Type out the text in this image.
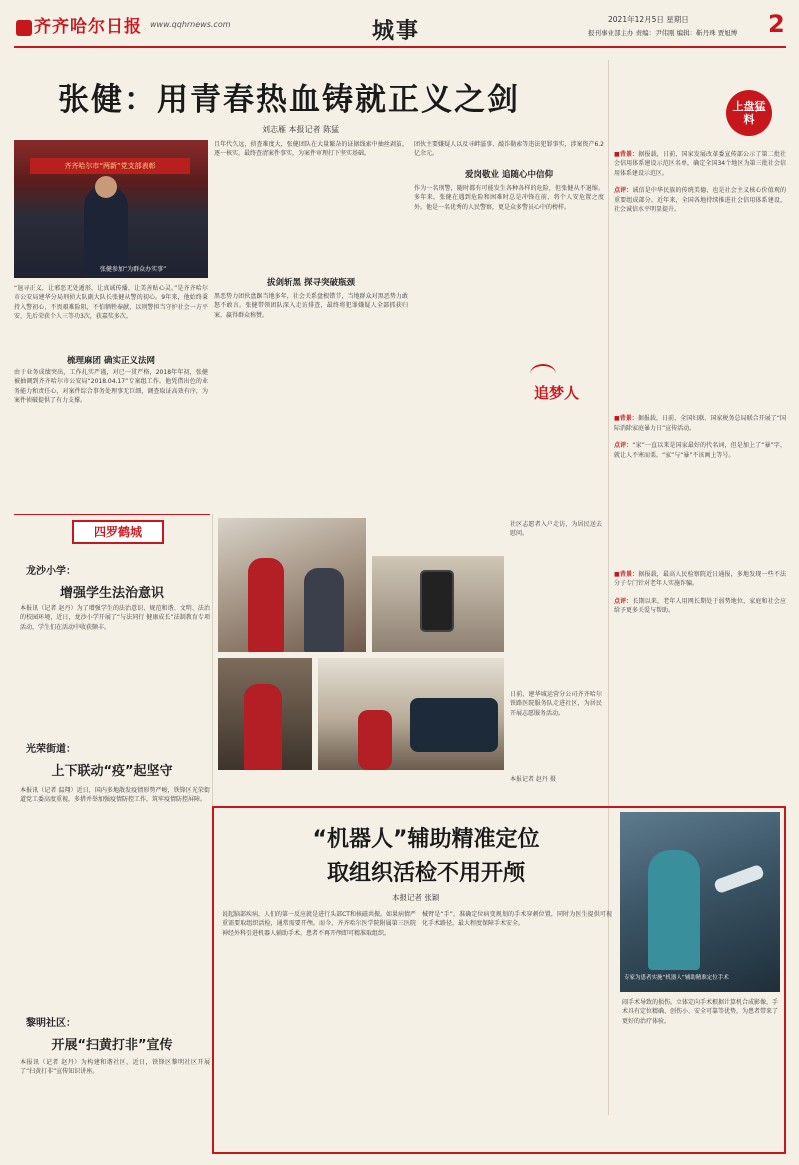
齐齐哈尔日报 www.qqhrnews.com	城事	2021年12月5日 星期日
报刊事业部主办 责编：尹伟刚 编辑：靳丹珠 贾旭博 2
张健：用青春热血铸就正义之剑
刘志雁 本报记者 陈猛
齐齐哈尔市“两新”党支部表彰
张健参加“为群众办实事”
“退寻正义，让邪恶无处遁形，让真诚传播，让美善贴心灵。”是齐齐哈尔市公安局建华分局刑侦大队副大队长张健从警的初心。9年来，他始终秉持入警初心，不畏艰难险阻，不怕牺牲奉献，以刑警担当守护社会一方平安，先后荣获个人三等功3次，获嘉奖多次。
梳理麻团 确实正义法网
由于业务成绩突出，工作扎实严谨，对已一贯严格，2018年年初，张健被抽调到齐齐哈尔市公安局“2018.04.17”专案组工作。他凭借出色的业务能力和责任心，对案件综合事务处理事无巨细，调查取证高效有序，为案件侦破提供了有力支撑。
且年代久远，侦查难度大，张健团队在大量繁杂的证据线索中抽丝剥茧，逐一核实，最终查清案件事实，为案件审理打下坚实基础。
拔剑斩黑 探寻突破瓶颈
黑恶势力团伙盘踞当地多年，社会关系盘根错节，当地群众对黑恶势力敢怒不敢言。张健带领团队深入走访排查，最终将犯罪嫌疑人全部抓获归案，赢得群众称赞。
团伙主要嫌疑人以及寻衅滋事、敲诈勒索等违法犯罪事实，涉案资产6.2亿余元。
爱岗敬业 追随心中信仰
作为一名刑警，随时都有可能发生各种各样的危险，但张健从不退缩。多年来，张健在遇到危险和困难时总是冲锋在前，将个人安危置之度外。他是一名优秀的人民警察，更是众多警员心中的榜样。
追梦人
上盘猛料
■背景：据报载，日前，国家发展改革委宣传部公示了第二批社会信用体系建设示范区名单，确定全国34个地区为第三批社会信用体系建设示范区。
点评：诚信是中华民族的传统美德，也是社会主义核心价值观的重要组成部分。近年来，全国各地持续推进社会信用体系建设，社会诚信水平明显提升。
■背景：据报载，日前，全国妇联、国家税务总局联合开展了“国际消除家庭暴力日”宣传活动。
点评：“家”一直以来是国家最好的代名词，但是加上了“暴”字，就让人不寒而栗。“家”与“暴”不该画上等号。
■背景：据报载，最高人民检察院近日通报，多地发现一些不法分子专门针对老年人实施诈骗。
点评：长期以来，老年人用网长期处于弱势地位，家庭和社会应给予更多关爱与帮助。
四罗鹤城
龙沙小学：
增强学生法治意识
本报讯（记者 赵丹）为了增强学生的法治意识、规范和谐、文明、法治的校园环境，近日，龙沙小学开展了“与法同行 健康成长”法制教育专项活动，学生们在活动中收获颇丰。
光荣街道：
上下联动“疫”起坚守
本报讯（记者 温翔）近日，国内多地散发疫情形势严峻，铁锋区光荣街道党工委高度重视，多措并举加强疫情防控工作，筑牢疫情防控屏障。
黎明社区：
开展“扫黄打非”宣传
本报讯（记者 赵丹）为构建和谐社区，近日，铁锋区黎明社区开展了“扫黄打非”宣传知识讲座。
社区志愿者入户走访，为居民送去慰问。
日前，建华城运营分公司齐齐哈尔铁路医院服务队走进社区，为居民开展志愿服务活动。
本报记者 赵丹 摄
“机器人”辅助精准定位
取组织活检不用开颅
本报记者 张颖
专家为患者实施“机器人”辅助精准定位手术
说起脑部疾病，人们的第一反应就是进行头部CT和核磁共振。如果病情严重需要取组织活检，通常需要开颅。而今，齐齐哈尔医学院附属第三医院神经外科引进机器人辅助手术，患者不再开颅即可精准取组织。
械臂是“手”，准确定位病变规划的手术穿刺位置，同时为医生提供可视化手术路径，最大程度保障手术安全。
闹手术导致的损伤。立体定向手术根据计算机合成影像，手术具有定位精确、创伤小、安全可靠等优势，为患者带来了更好的治疗体验。
